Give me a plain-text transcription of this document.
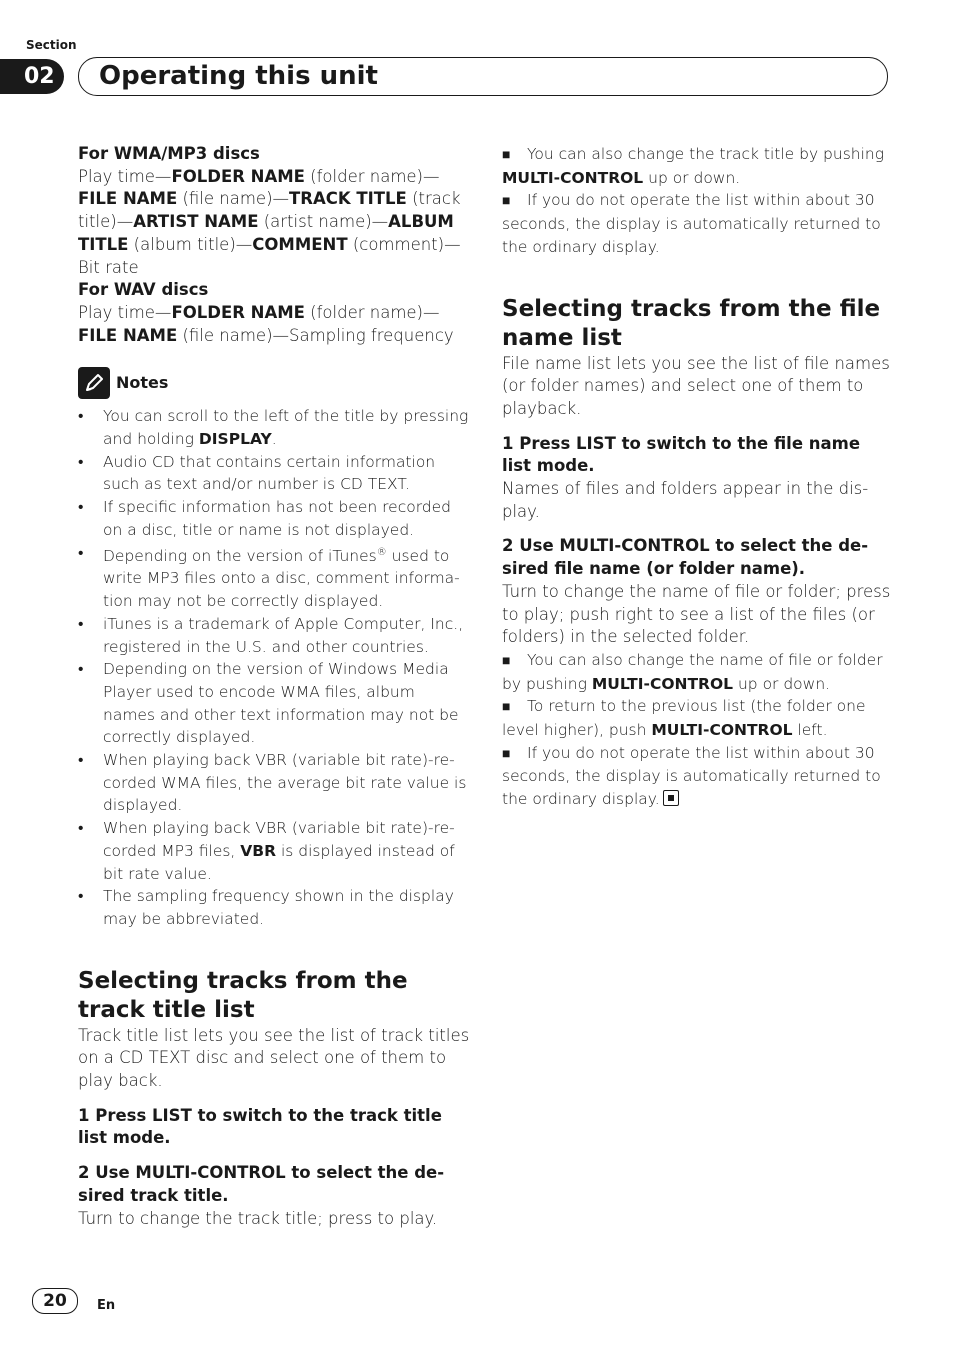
Section
02	Operating this unit

For WMA/MP3 discs

Play time—FOLDER NAME (folder name)—FILE NAME (file name)—TRACK TITLE (track title)—ARTIST NAME (artist name)—ALBUM TITLE (album title)—COMMENT (comment)—Bit rate

For WAV discs

Play time—FOLDER NAME (folder name)—FILE NAME (file name)—Sampling frequency

Notes
• You can scroll to the left of the title by pressing and holding DISPLAY.
• Audio CD that contains certain information such as text and/or number is CD TEXT.
• If specific information has not been recorded on a disc, title or name is not displayed.
• Depending on the version of iTunes® used to write MP3 files onto a disc, comment informa-tion may not be correctly displayed.
• iTunes is a trademark of Apple Computer, Inc., registered in the U.S. and other countries.
• Depending on the version of Windows Media Player used to encode WMA files, album names and other text information may not be correctly displayed.
• When playing back VBR (variable bit rate)-re-corded WMA files, the average bit rate value is displayed.
• When playing back VBR (variable bit rate)-re-corded MP3 files, VBR is displayed instead of bit rate value.
• The sampling frequency shown in the display may be abbreviated.
Selecting tracks from the track title list

Track title list lets you see the list of track titles on a CD TEXT disc and select one of them to play back.

1 Press LIST to switch to the track title list mode.

2 Use MULTI-CONTROL to select the de-sired track title.

Turn to change the track title; press to play.

■ You can also change the track title by pushing MULTI-CONTROL up or down.

■ If you do not operate the list within about 30 seconds, the display is automatically returned to the ordinary display.

Selecting tracks from the file name list

File name list lets you see the list of file names (or folder names) and select one of them to playback.

1 Press LIST to switch to the file name list mode.

Names of files and folders appear in the dis-play.

2 Use MULTI-CONTROL to select the de-sired file name (or folder name).

Turn to change the name of file or folder; press to play; push right to see a list of the files (or folders) in the selected folder.

■ You can also change the name of file or folder by pushing MULTI-CONTROL up or down.

■ To return to the previous list (the folder one level higher), push MULTI-CONTROL left.

■ If you do not operate the list within about 30 seconds, the display is automatically returned to the ordinary display.

20	En
